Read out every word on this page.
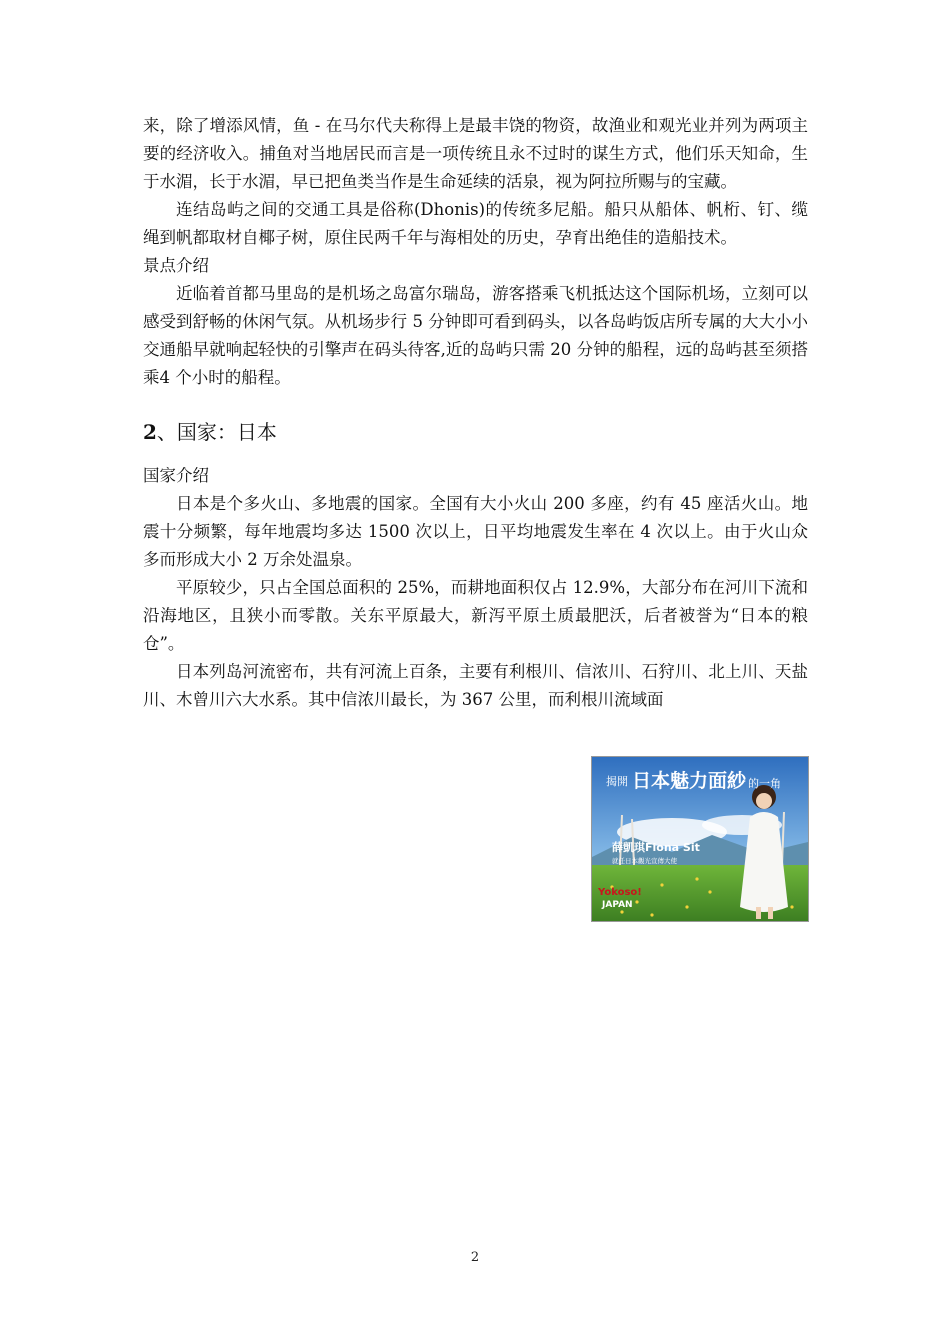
来，除了增添风情，鱼 - 在马尔代夫称得上是最丰饶的物资，故渔业和观光业并列为两项主要的经济收入。捕鱼对当地居民而言是一项传统且永不过时的谋生方式，他们乐天知命，生于水湄，长于水湄，早已把鱼类当作是生命延续的活泉，视为阿拉所赐与的宝藏。

连结岛屿之间的交通工具是俗称(Dhonis)的传统多尼船。船只从船体、帆桁、钉、缆绳到帆都取材自椰子树，原住民两千年与海相处的历史，孕育出绝佳的造船技术。

景点介绍

近临着首都马里岛的是机场之岛富尔瑞岛，游客搭乘飞机抵达这个国际机场，立刻可以感受到舒畅的休闲气氛。从机场步行 5 分钟即可看到码头，以各岛屿饭店所专属的大大小小交通船早就响起轻快的引擎声在码头待客,近的岛屿只需 20 分钟的船程，远的岛屿甚至须搭乘4 个小时的船程。

2、国家：日本

国家介绍

日本是个多火山、多地震的国家。全国有大小火山 200 多座，约有 45 座活火山。地震十分频繁，每年地震均多达 1500 次以上，日平均地震发生率在 4 次以上。由于火山众多而形成大小 2 万余处温泉。

平原较少，只占全国总面积的 25%，而耕地面积仅占 12.9%，大部分布在河川下流和沿海地区，且狭小而零散。关东平原最大，新泻平原土质最肥沃，后者被誉为“日本的粮仓”。

日本列岛河流密布，共有河流上百条，主要有利根川、信浓川、石狩川、北上川、天盐川、木曾川六大水系。其中信浓川最长，为 367 公里，而利根川流域面

揭開 日本魅力面紗 的一角
薛凱琪Fiona Sit
就任日本觀光宣傳大使
Yokoso!
JAPAN
2
